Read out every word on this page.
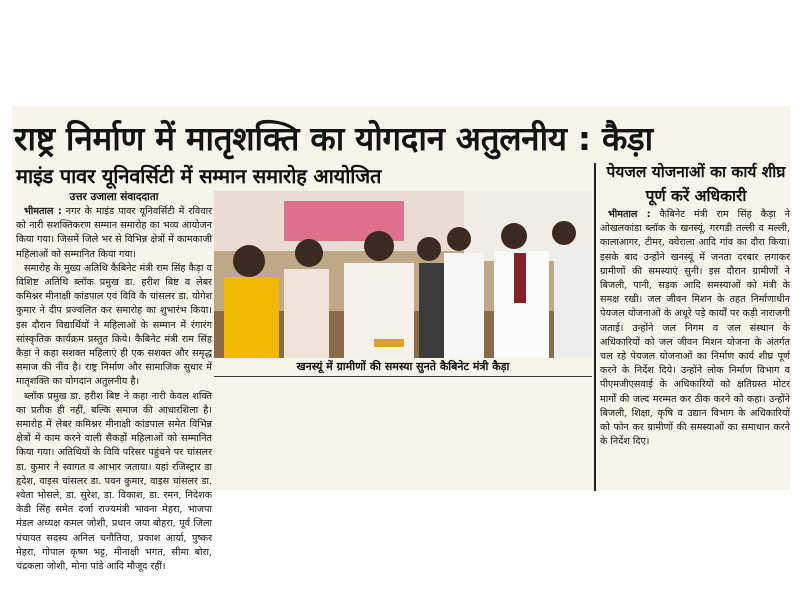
राष्ट्र निर्माण में मातृशक्ति का योगदान अतुलनीय : कैड़ा
माइंड पावर यूनिवर्सिटी में सम्मान समारोह आयोजित	पेयजल योजनाओं का कार्य शीघ्र पूर्ण करें अधिकारी
उत्तर उजाला संवाददाता

भीमताल : नगर के माइंड पावर यूनिवर्सिटी में रविवार को नारी सशक्तिकरण सम्मान समारोह का भव्य आयोजन किया गया। जिसमें जिले भर से विभिन्न क्षेत्रों में कामकाजी महिलाओं को सम्मानित किया गया।

समारोह के मुख्य अतिथि कैबिनेट मंत्री राम सिंह कैड़ा व विशिष्ट अतिथि ब्लॉक प्रमुख डा. हरीश बिष्ट व लेबर कमिश्नर मीनाक्षी कांडपाल एवं विवि के चांसलर डा. योगेश कुमार ने दीप प्रज्वलित कर समारोह का शुभारंभ किया। इस दौरान विद्यार्थियों ने महिलाओं के सम्मान में रंगारंग सांस्कृतिक कार्यक्रम प्रस्तुत किये। कैबिनेट मंत्री राम सिंह कैड़ा ने कहा सशक्त महिलाएं ही एक सशक्त और समृद्ध समाज की नींव है। राष्ट्र निर्माण और सामाजिक सुधार में मातृशक्ति का योगदान अतुलनीय है।

ब्लॉक प्रमुख डा. हरीश बिष्ट ने कहा नारी केवल शक्ति का प्रतीक ही नहीं, बल्कि समाज की आधारशिला है। समारोह में लेबर कमिश्नर मीनाक्षी कांडपाल समेत विभिन्न क्षेत्रों में काम करने वाली सैकड़ों महिलाओं को सम्मानित किया गया। अतिथियों के विवि परिसर पहुंचने पर चांसलर डा. कुमार ने स्वागत व आभार जताया। यहां रजिस्ट्रार डा हृदेश, वाइस चांसलर डा. पवन कुमार, वाइस चांसलर डा. श्वेता भोसले, डा. सुरेश, डा. विकाश, डा. रमन, निदेशक केडी सिंह समेत दर्जा राज्यमंत्री भावना मेहरा, भाजपा मंडल अध्यक्ष कमल जोशी, प्रधान जया बोहरा, पूर्व जिला पंचायत सदस्य अनिल चनौतिया, प्रकाश आर्या, पुष्कर मेहरा, गोपाल कृष्ण भट्ट, मीनाक्षी भगत, सीमा बोरा, चंद्रकला जोशी, मोना पांडे आदि मौजूद रहीं।

खनस्यूं में ग्रामीणों की समस्या सुनते कैबिनेट मंत्री कैड़ा

भीमताल : कैबिनेट मंत्री राम सिंह कैड़ा ने ओखलकांडा ब्लॉक के खनस्यूं, गरगडी तल्ली व मल्ली, कालाआगर, टीमर, क्वेराला आदि गांव का दौरा किया। इसके बाद उन्होंने खनस्यूं में जनता दरबार लगाकर ग्रामीणों की समस्याएं सुनी। इस दौरान ग्रामीणों ने बिजली, पानी, सड़क आदि समस्याओं को मंत्री के समक्ष रखी। जल जीवन मिशन के तहत निर्माणाधीन पेयजल योजनाओं के अधूरे पड़े कार्यों पर कड़ी नाराजगी जताई। उन्होंने जल निगम व जल संस्थान के अधिकारियों को जल जीवन मिशन योजना के अंतर्गत चल रहे पेयजल योजनाओं का निर्माण कार्य शीघ्र पूर्ण करने के निर्देश दिये। उन्होंने लोक निर्माण विभाग व पीएमजीएसवाई के अधिकारियों को क्षतिग्रस्त मोटर मार्गों की जल्द मरम्मत कर ठीक करने को कहा। उन्होंने बिजली, शिक्षा, कृषि व उद्यान विभाग के अधिकारियों को फोन कर ग्रामीणों की समस्याओं का समाधान करने के निर्देश दिए।
